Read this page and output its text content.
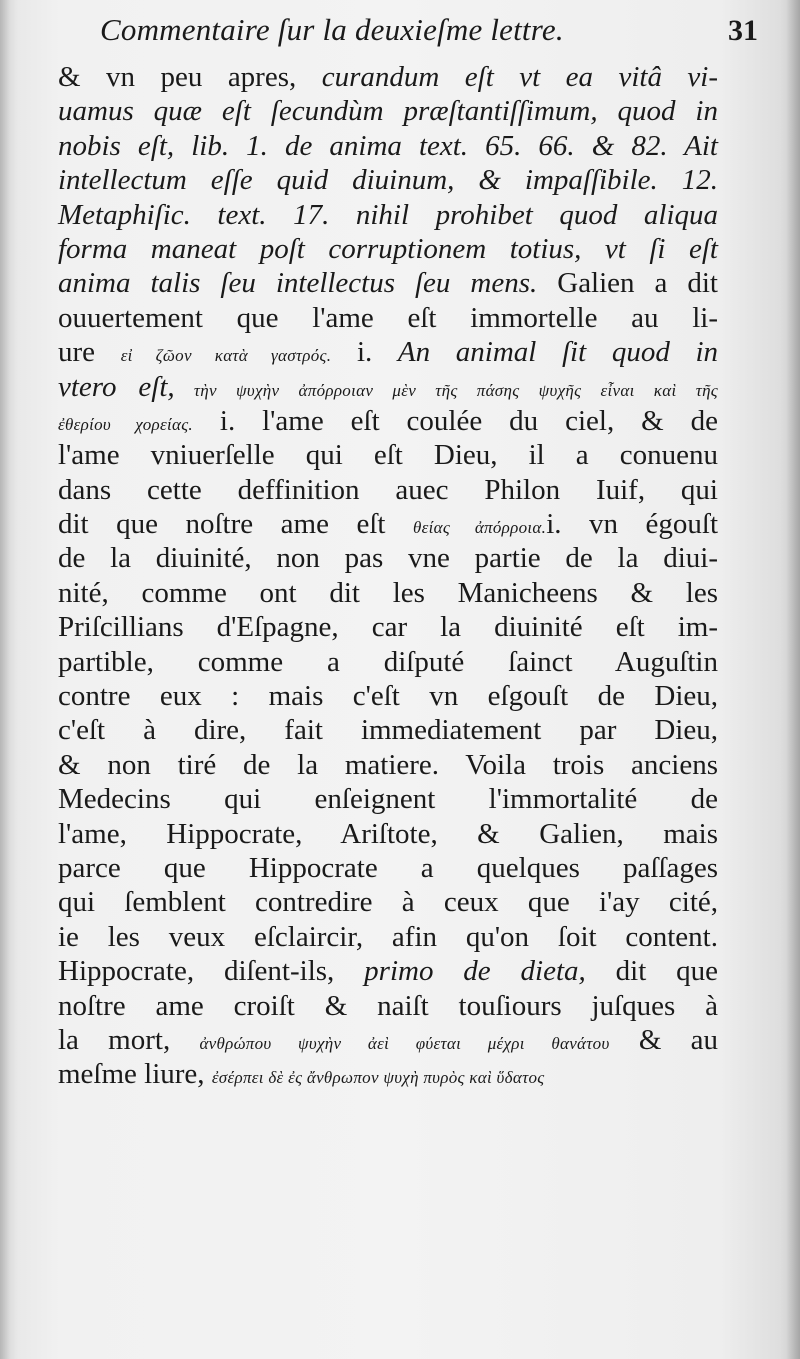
Commentaire ſur la deuxieſme lettre.	31
& vn peu apres, curandum eſt vt ea vitâ vi-
uamus quæ eſt ſecundùm præſtantiſſimum, quod in
nobis eſt, lib. 1. de anima text. 65. 66. & 82. Ait
intellectum eſſe quid diuinum, & impaſſibile. 12.
Metaphiſic. text. 17. nihil prohibet quod aliqua
forma maneat poſt corruptionem totius, vt ſi eſt
anima talis ſeu intellectus ſeu mens. Galien a dit
ouuertement que l'ame eſt immortelle au li-
ure εἰ ζῶον κατὰ γαστρός. i. An animal ſit quod in
vtero eſt, τὴν ψυχὴν ἀπόρροιαν μὲν τῆς πάσης ψυχῆς εἶναι καὶ τῆς
ἐθερίου χορείας. i. l'ame eſt coulée du ciel, & de
l'ame vniuerſelle qui eſt Dieu, il a conuenu
dans cette deffinition auec Philon Iuif, qui
dit que noſtre ame eſt θείας ἀπόρροια.i. vn égouſt
de la diuinité, non pas vne partie de la diui-
nité, comme ont dit les Manicheens & les
Priſcillians d'Eſpagne, car la diuinité eſt im-
partible, comme a diſputé ſainct Auguſtin
contre eux : mais c'eſt vn eſgouſt de Dieu,
c'eſt à dire, fait immediatement par Dieu,
& non tiré de la matiere. Voila trois anciens
Medecins qui enſeignent l'immortalité de
l'ame, Hippocrate, Ariſtote, & Galien, mais
parce que Hippocrate a quelques paſſages
qui ſemblent contredire à ceux que i'ay cité,
ie les veux eſclaircir, afin qu'on ſoit content.
Hippocrate, diſent-ils, primo de dieta, dit que
noſtre ame croiſt & naiſt touſiours juſques à
la mort, ἀνθρώπου ψυχὴν ἀεὶ φύεται μέχρι θανάτου & au
meſme liure, ἐσέρπει δὲ ἐς ἄνθρωπον ψυχὴ πυρὸς καὶ ὕδατος
